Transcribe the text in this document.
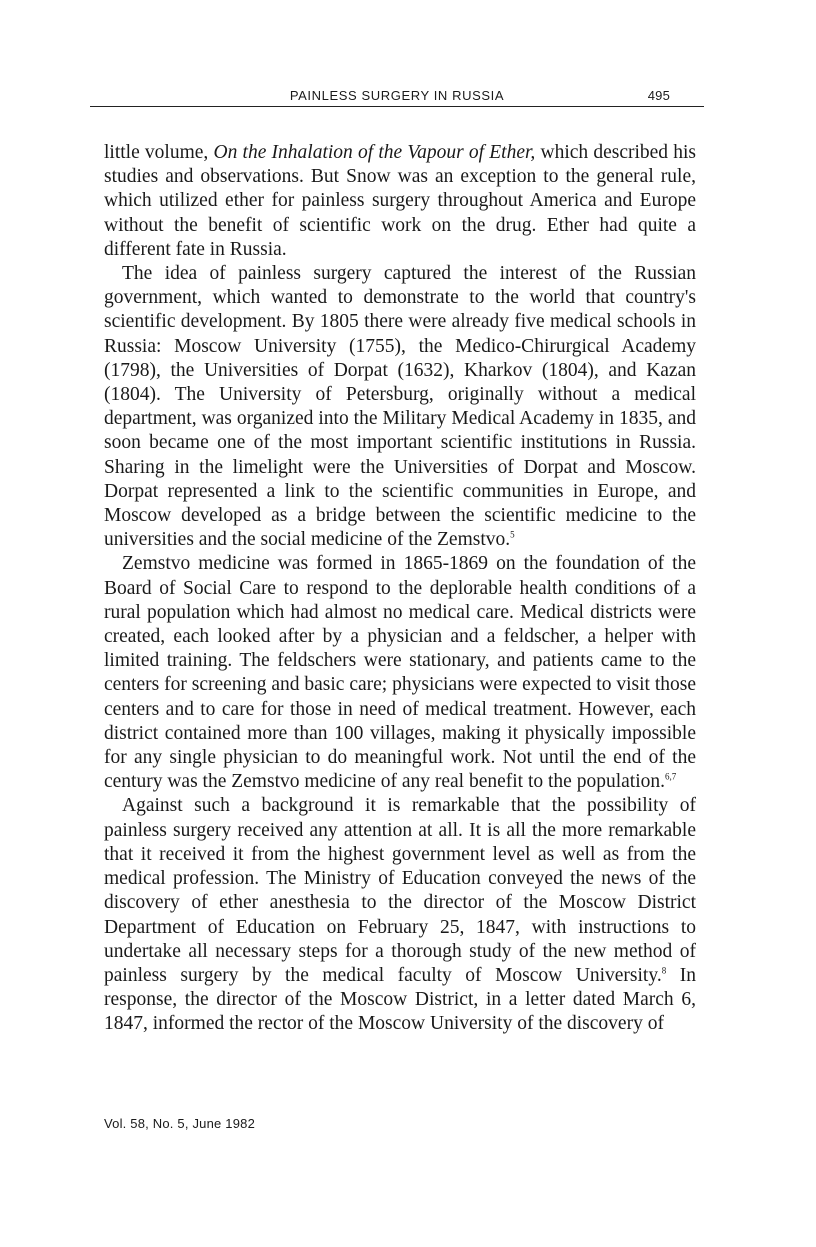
PAINLESS SURGERY IN RUSSIA	495

little volume, On the Inhalation of the Vapour of Ether, which described his studies and observations. But Snow was an exception to the general rule, which utilized ether for painless surgery throughout America and Europe without the benefit of scientific work on the drug. Ether had quite a different fate in Russia.

The idea of painless surgery captured the interest of the Russian government, which wanted to demonstrate to the world that country's scientific development. By 1805 there were already five medical schools in Russia: Moscow University (1755), the Medico-Chirurgical Academy (1798), the Universities of Dorpat (1632), Kharkov (1804), and Kazan (1804). The University of Petersburg, originally without a medical department, was organized into the Military Medical Academy in 1835, and soon became one of the most important scientific institutions in Russia. Sharing in the limelight were the Universities of Dorpat and Moscow. Dorpat represented a link to the scientific communities in Europe, and Moscow developed as a bridge between the scientific medicine to the universities and the social medicine of the Zemstvo.$^5$

Zemstvo medicine was formed in 1865-1869 on the foundation of the Board of Social Care to respond to the deplorable health conditions of a rural population which had almost no medical care. Medical districts were created, each looked after by a physician and a feldscher, a helper with limited training. The feldschers were stationary, and patients came to the centers for screening and basic care; physicians were expected to visit those centers and to care for those in need of medical treatment. However, each district contained more than 100 villages, making it physically impossible for any single physician to do meaningful work. Not until the end of the century was the Zemstvo medicine of any real benefit to the population.$^{6,7}$

Against such a background it is remarkable that the possibility of painless surgery received any attention at all. It is all the more remarkable that it received it from the highest government level as well as from the medical profession. The Ministry of Education conveyed the news of the discovery of ether anesthesia to the director of the Moscow District Department of Education on February 25, 1847, with instructions to undertake all necessary steps for a thorough study of the new method of painless surgery by the medical faculty of Moscow University.$^8$ In response, the director of the Moscow District, in a letter dated March 6, 1847, informed the rector of the Moscow University of the discovery of

Vol. 58, No. 5, June 1982
